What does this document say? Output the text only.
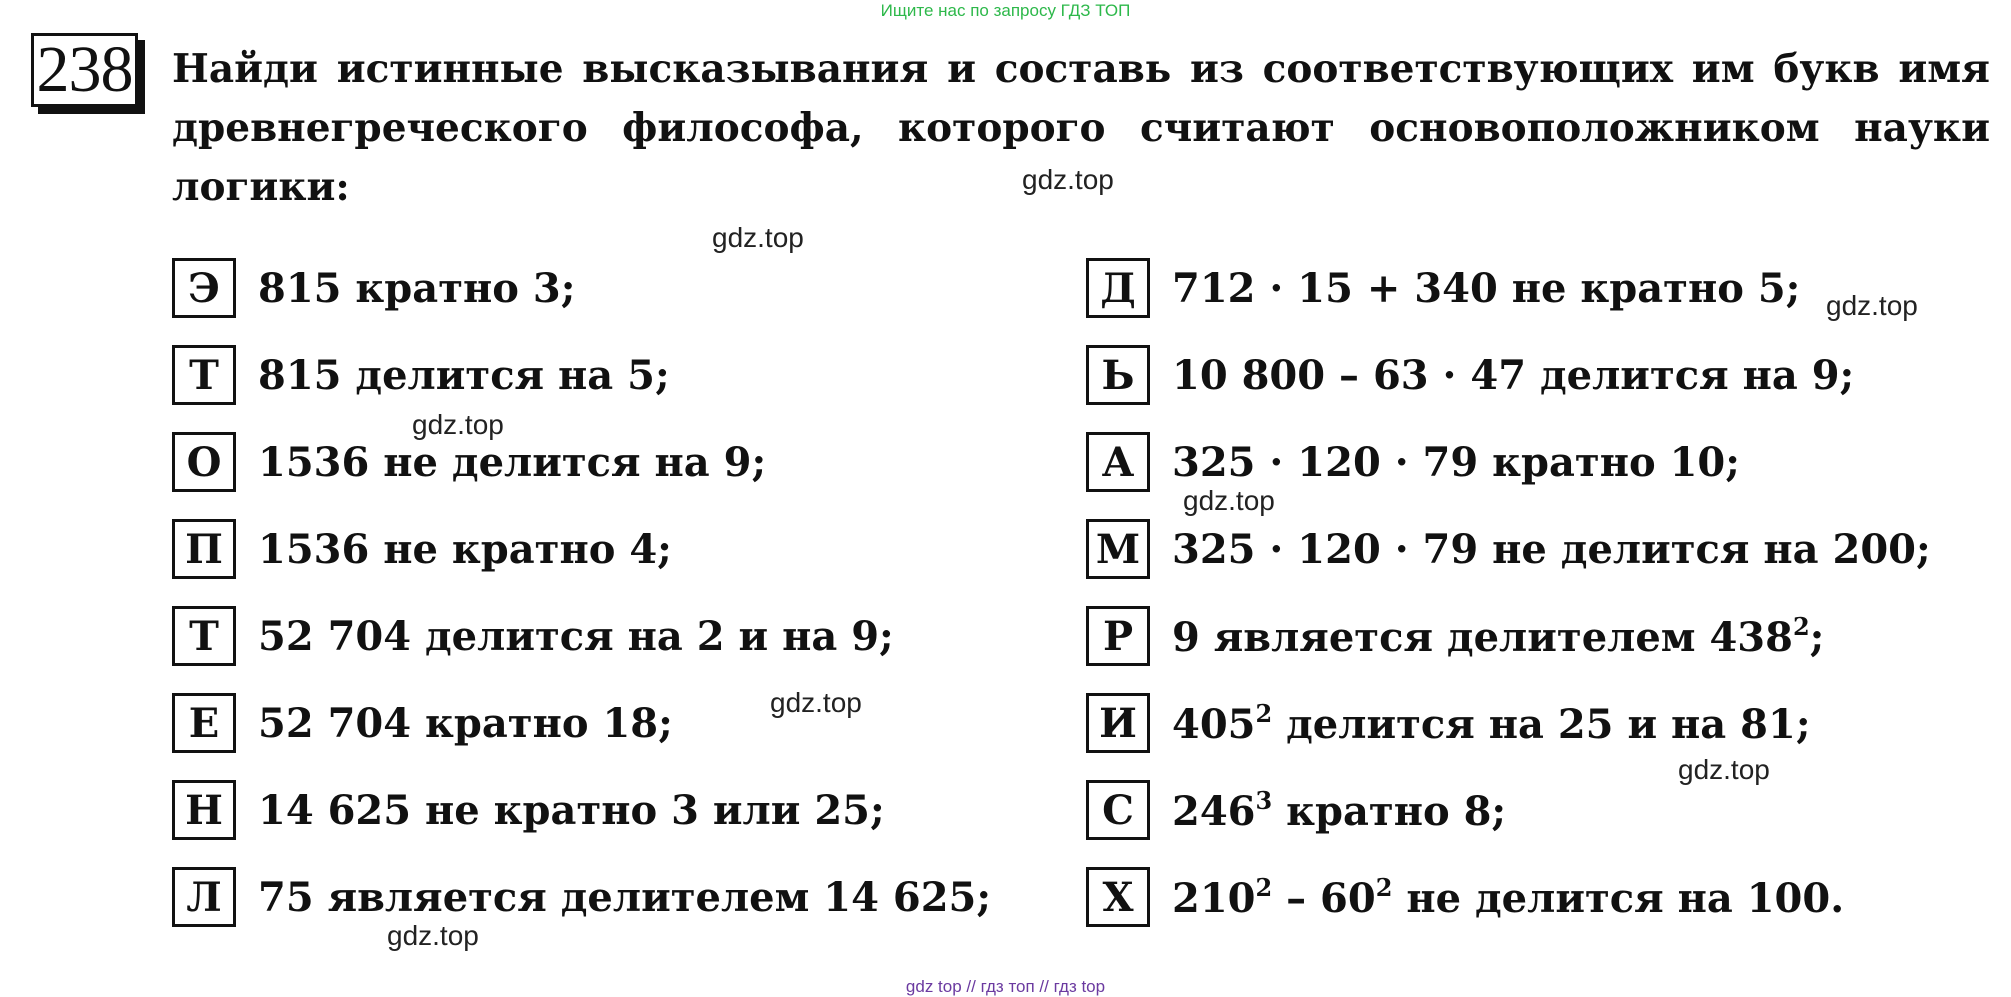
Ищите нас по запросу ГДЗ ТОП
238 Найди истинные высказывания и составь из соответствующих им букв имя древнегреческого философа, которого считают основоположником науки логики:

Э 815 кратно 3;
Т 815 делится на 5;
О 1536 не делится на 9;
П 1536 не кратно 4;
Т 52 704 делится на 2 и на 9;
Е 52 704 кратно 18;
Н 14 625 не кратно 3 или 25;
Л 75 является делителем 14 625;
Д 712 · 15 + 340 не кратно 5;
Ь 10 800 – 63 · 47 делится на 9;
А 325 · 120 · 79 кратно 10;
М 325 · 120 · 79 не делится на 200;
Р 9 является делителем $438^2$;
И $405^2$ делится на 25 и на 81;
С $246^3$ кратно 8;
Х $210^2 - 60^2$ не делится на 100.
gdz.top
gdz.top
gdz.top
gdz.top
gdz.top
gdz.top
gdz.top
gdz.top
gdz top // гдз топ // гдз top
